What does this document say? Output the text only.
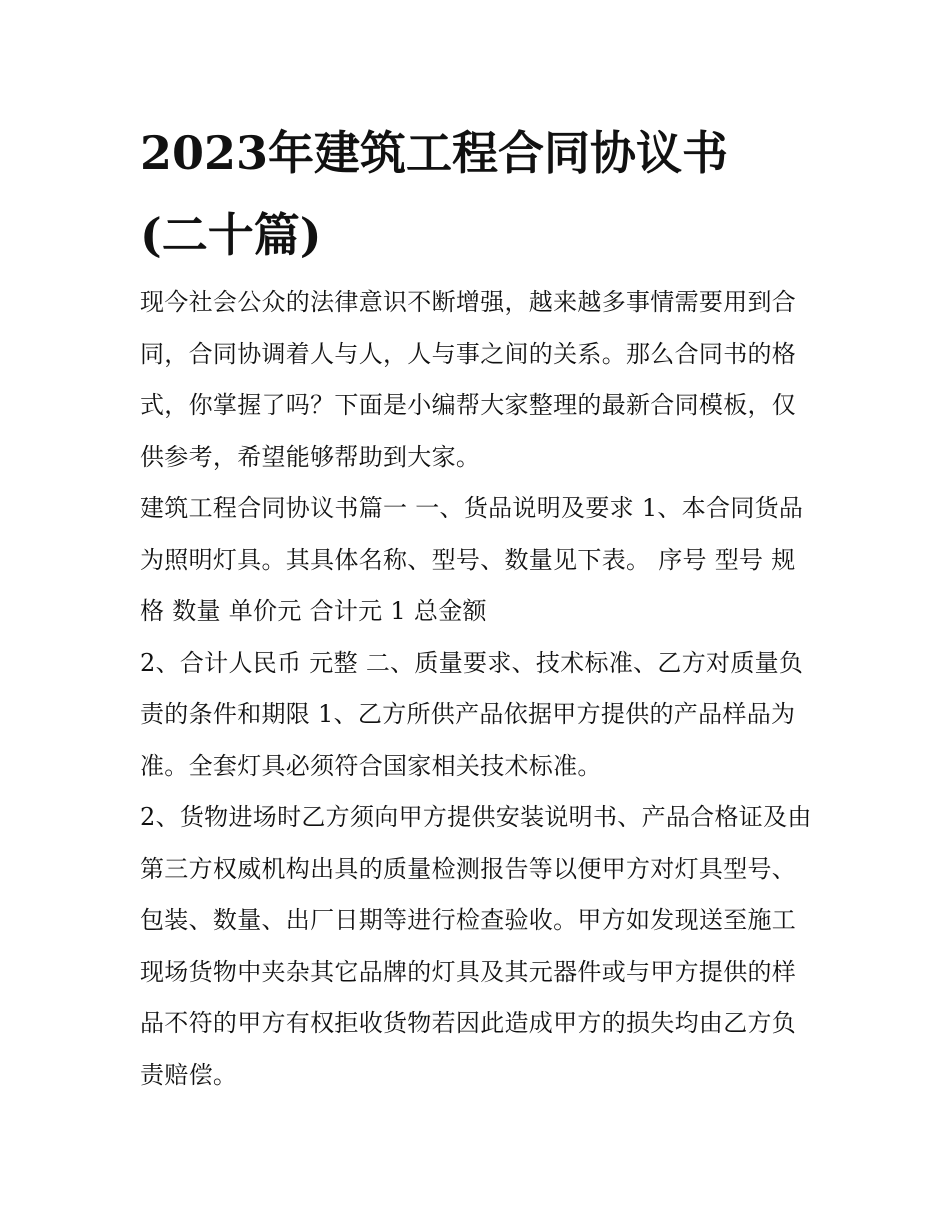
2023年建筑工程合同协议书
(二十篇)

现今社会公众的法律意识不断增强，越来越多事情需要用到合同，合同协调着人与人，人与事之间的关系。那么合同书的格式，你掌握了吗？下面是小编帮大家整理的最新合同模板，仅供参考，希望能够帮助到大家。

建筑工程合同协议书篇一 一、货品说明及要求 1、本合同货品为照明灯具。其具体名称、型号、数量见下表。 序号 型号 规格 数量 单价元 合计元 1 总金额

2、合计人民币 元整 二、质量要求、技术标准、乙方对质量负责的条件和期限 1、乙方所供产品依据甲方提供的产品样品为准。全套灯具必须符合国家相关技术标准。

2、货物进场时乙方须向甲方提供安装说明书、产品合格证及由第三方权威机构出具的质量检测报告等以便甲方对灯具型号、包装、数量、出厂日期等进行检查验收。甲方如发现送至施工现场货物中夹杂其它品牌的灯具及其元器件或与甲方提供的样品不符的甲方有权拒收货物若因此造成甲方的损失均由乙方负责赔偿。
